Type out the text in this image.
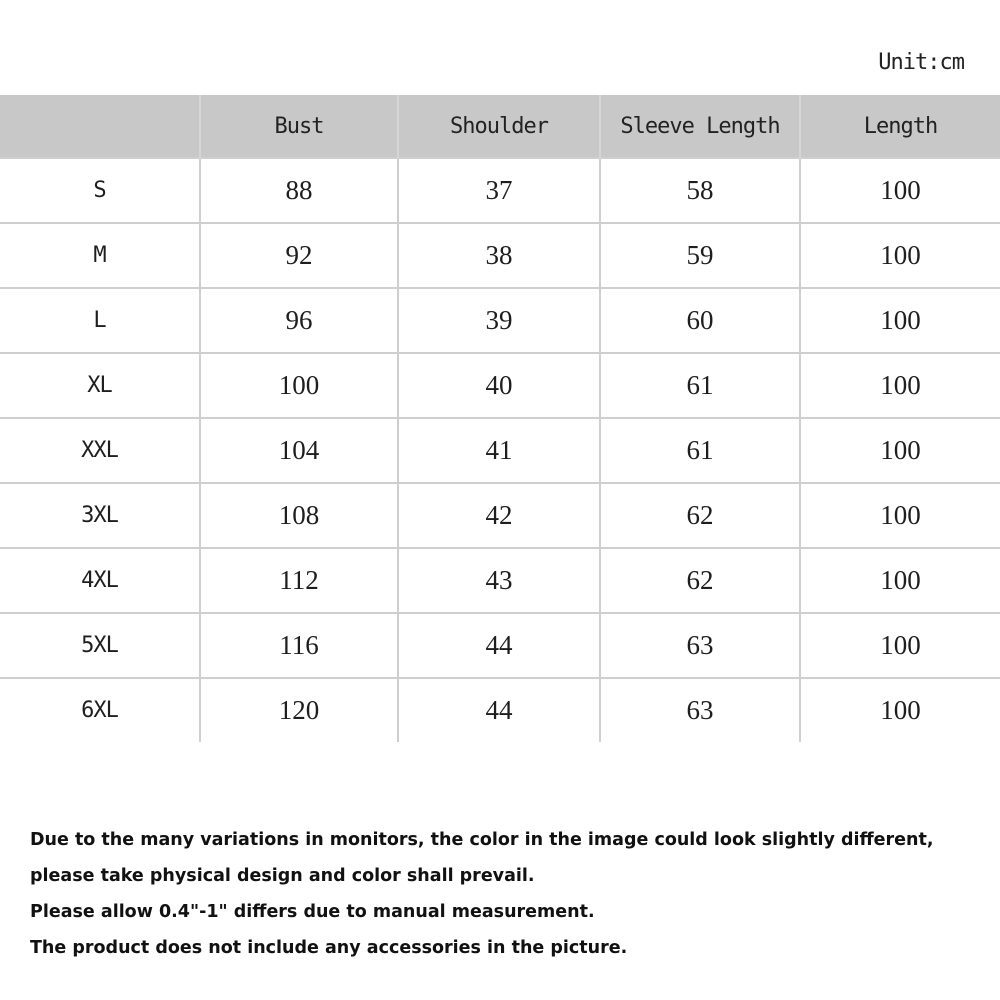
Unit:cm
	Bust	Shoulder	Sleeve Length	Length
S	88	37	58	100
M	92	38	59	100
L	96	39	60	100
XL	100	40	61	100
XXL	104	41	61	100
3XL	108	42	62	100
4XL	112	43	62	100
5XL	116	44	63	100
6XL	120	44	63	100
Due to the many variations in monitors, the color in the image could look slightly different,
please take physical design and color shall prevail.
Please allow 0.4"-1" differs due to manual measurement.
The product does not include any accessories in the picture.
